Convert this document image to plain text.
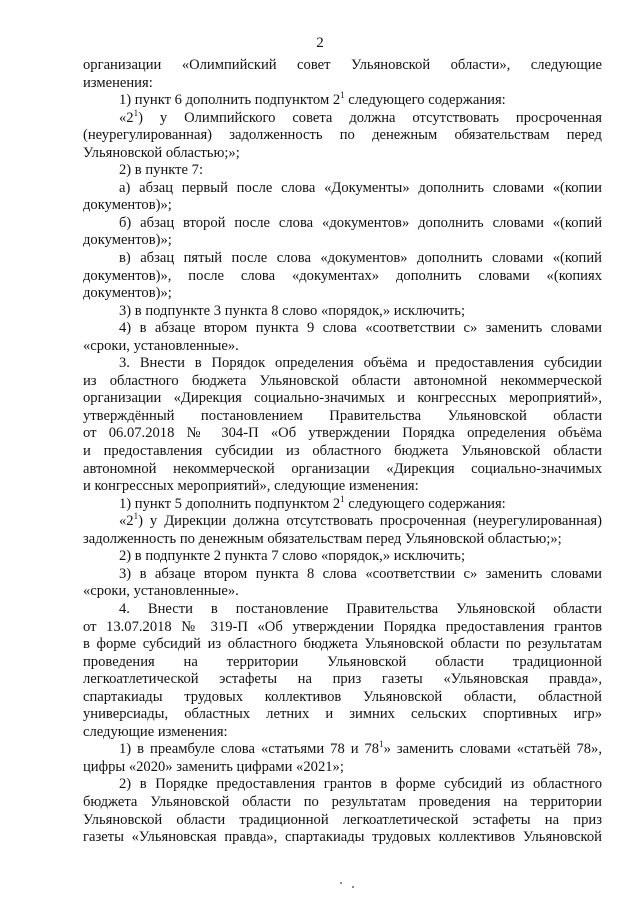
2
организации «Олимпийский совет Ульяновской области», следующие
изменения:
1) пункт 6 дополнить подпунктом $2^1$ следующего содержания:
«$2^1$) у Олимпийского совета должна отсутствовать просроченная
(неурегулированная) задолженность по денежным обязательствам перед
Ульяновской областью;»;
2) в пункте 7:
а) абзац первый после слова «Документы» дополнить словами «(копии
документов)»;
б) абзац второй после слова «документов» дополнить словами «(копий
документов)»;
в) абзац пятый после слова «документов» дополнить словами «(копий
документов)», после слова «документах» дополнить словами «(копиях
документов)»;
3) в подпункте 3 пункта 8 слово «порядок,» исключить;
4) в абзаце втором пункта 9 слова «соответствии с» заменить словами
«сроки, установленные».
3. Внести в Порядок определения объёма и предоставления субсидии
из областного бюджета Ульяновской области автономной некоммерческой
организации «Дирекция социально-значимых и конгрессных мероприятий»,
утверждённый постановлением Правительства Ульяновской области
от 06.07.2018 № 304-П «Об утверждении Порядка определения объёма
и предоставления субсидии из областного бюджета Ульяновской области
автономной некоммерческой организации «Дирекция социально-значимых
и конгрессных мероприятий», следующие изменения:
1) пункт 5 дополнить подпунктом $2^1$ следующего содержания:
«$2^1$) у Дирекции должна отсутствовать просроченная (неурегулированная)
задолженность по денежным обязательствам перед Ульяновской областью;»;
2) в подпункте 2 пункта 7 слово «порядок,» исключить;
3) в абзаце втором пункта 8 слова «соответствии с» заменить словами
«сроки, установленные».
4. Внести в постановление Правительства Ульяновской области
от 13.07.2018 № 319-П «Об утверждении Порядка предоставления грантов
в форме субсидий из областного бюджета Ульяновской области по результатам
проведения на территории Ульяновской области традиционной
легкоатлетической эстафеты на приз газеты «Ульяновская правда»,
спартакиады трудовых коллективов Ульяновской области, областной
универсиады, областных летних и зимних сельских спортивных игр»
следующие изменения:
1) в преамбуле слова «статьями 78 и $78^1$» заменить словами «статьёй 78»,
цифры «2020» заменить цифрами «2021»;
2) в Порядке предоставления грантов в форме субсидий из областного
бюджета Ульяновской области по результатам проведения на территории
Ульяновской области традиционной легкоатлетической эстафеты на приз
газеты «Ульяновская правда», спартакиады трудовых коллективов Ульяновской
